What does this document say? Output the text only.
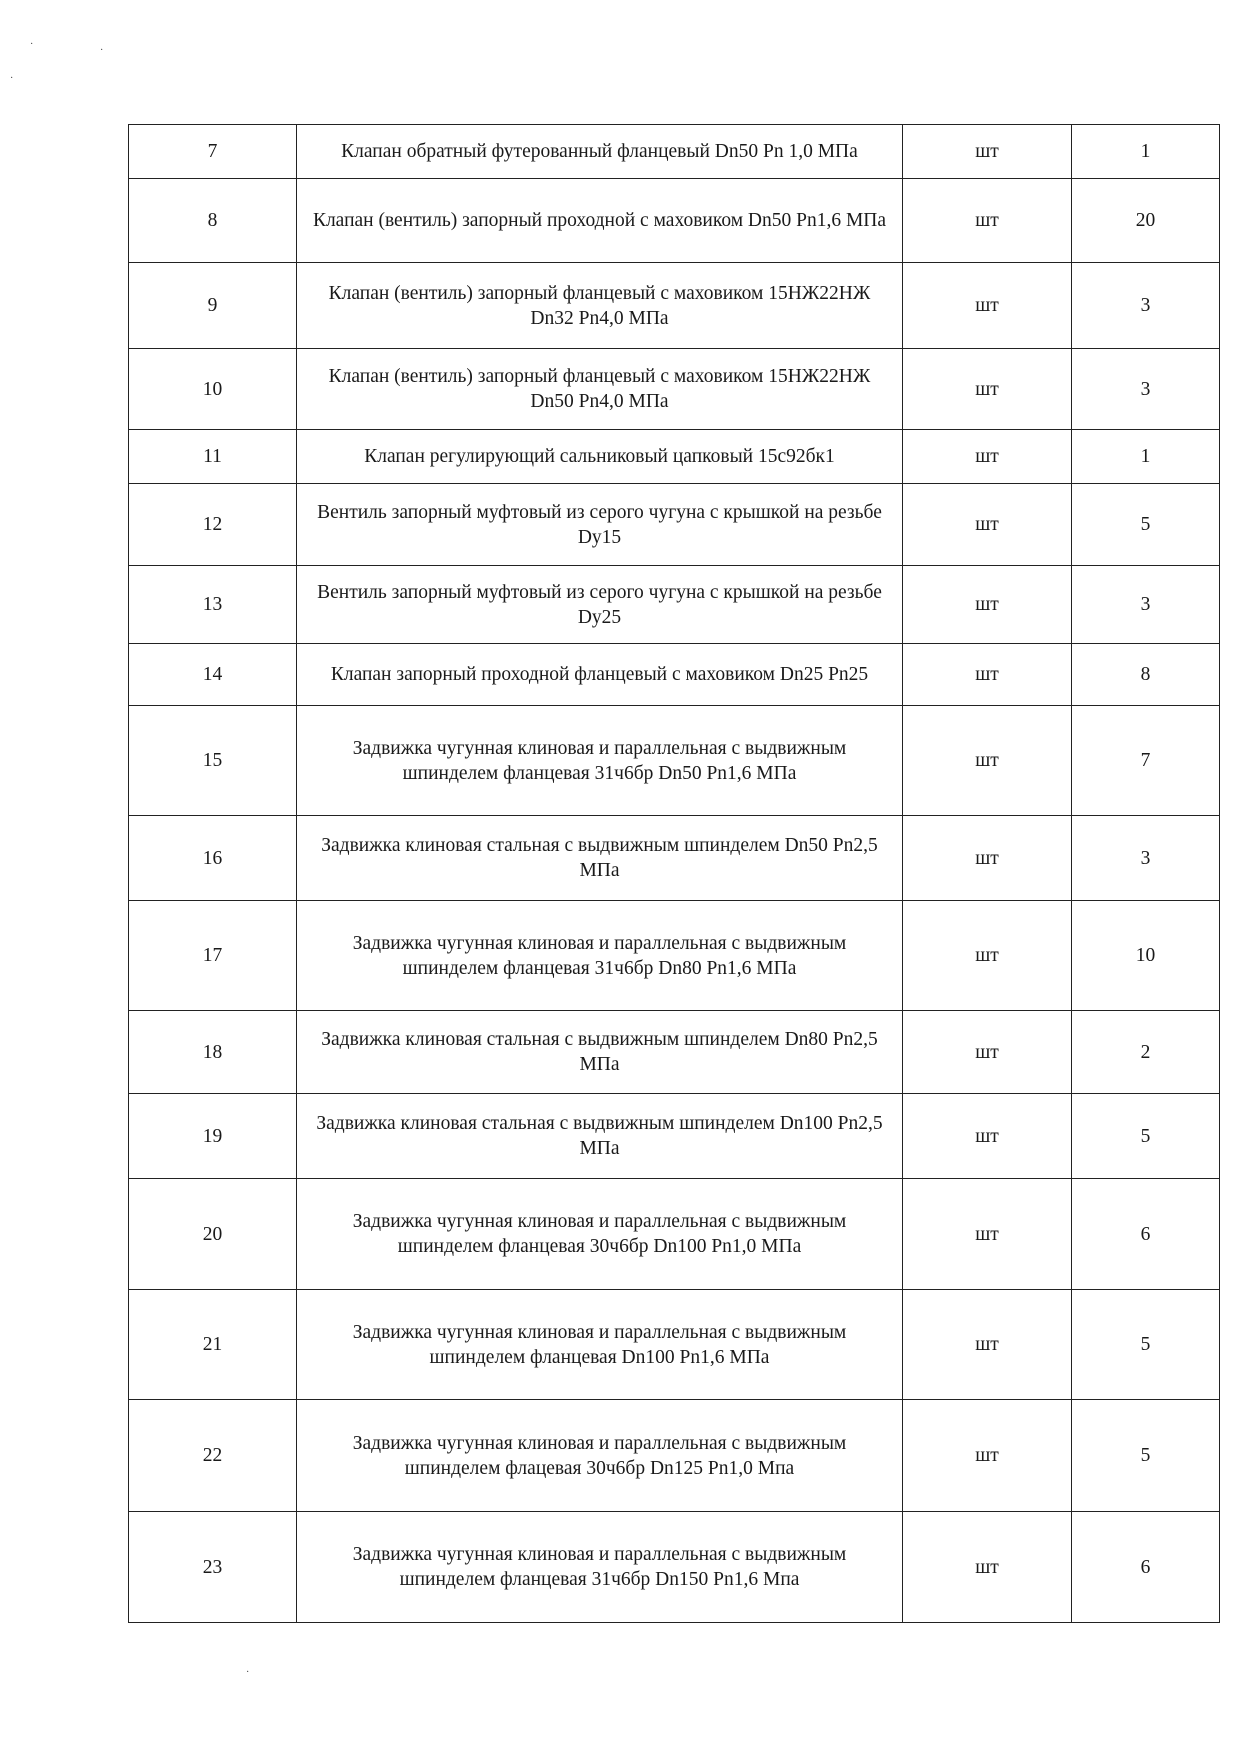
·
·
·
7	Клапан обратный футерованный фланцевый Dn50 Pn 1,0 МПа	шт	1
8	Клапан (вентиль) запорный проходной с маховиком Dn50 Pn1,6 МПа	шт	20
9	Клапан (вентиль) запорный фланцевый с маховиком 15НЖ22НЖ Dn32 Pn4,0 МПа	шт	3
10	Клапан (вентиль) запорный фланцевый с маховиком 15НЖ22НЖ Dn50 Pn4,0 МПа	шт	3
11	Клапан регулирующий сальниковый цапковый 15с92бк1	шт	1
12	Вентиль запорный муфтовый из серого чугуна с крышкой на резьбе Dy15	шт	5
13	Вентиль запорный муфтовый из серого чугуна с крышкой на резьбе Dy25	шт	3
14	Клапан запорный проходной фланцевый с маховиком Dn25 Pn25	шт	8
15	Задвижка чугунная клиновая и параллельная с выдвижным шпинделем фланцевая 31ч6бр Dn50 Pn1,6 МПа	шт	7
16	Задвижка клиновая стальная с выдвижным шпинделем Dn50 Pn2,5 МПа	шт	3
17	Задвижка чугунная клиновая и параллельная с выдвижным шпинделем фланцевая 31ч6бр Dn80 Pn1,6 МПа	шт	10
18	Задвижка клиновая стальная с выдвижным шпинделем Dn80 Pn2,5 МПа	шт	2
19	Задвижка клиновая стальная с выдвижным шпинделем Dn100 Pn2,5 МПа	шт	5
20	Задвижка чугунная клиновая и параллельная с выдвижным шпинделем фланцевая 30ч6бр Dn100 Pn1,0 МПа	шт	6
21	Задвижка чугунная клиновая и параллельная с выдвижным шпинделем фланцевая Dn100 Pn1,6 МПа	шт	5
22	Задвижка чугунная клиновая и параллельная с выдвижным шпинделем флацевая 30ч6бр Dn125 Pn1,0 Мпа	шт	5
23	Задвижка чугунная клиновая и параллельная с выдвижным шпинделем фланцевая 31ч6бр Dn150 Pn1,6 Мпа	шт	6
·
